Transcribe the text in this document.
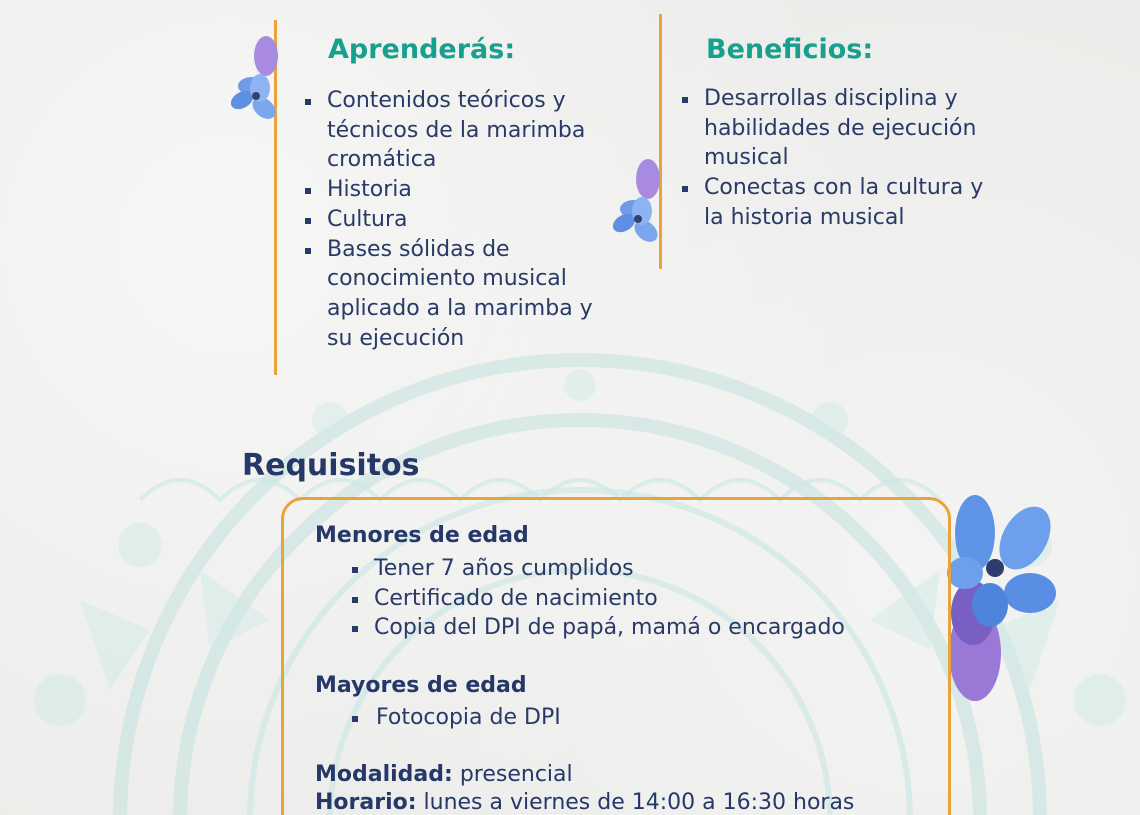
Aprenderás:
Contenidos teóricos y técnicos de la marimba cromática
Historia
Cultura
Bases sólidas de conocimiento musical aplicado a la marimba y su ejecución
Beneficios:
Desarrollas disciplina y habilidades de ejecución musical
Conectas con la cultura y la historia musical
Requisitos
Menores de edad
Tener 7 años cumplidos
Certificado de nacimiento
Copia del DPI de papá, mamá o encargado
Mayores de edad
Fotocopia de DPI
Modalidad: presencial
Horario: lunes a viernes de 14:00 a 16:30 horas
